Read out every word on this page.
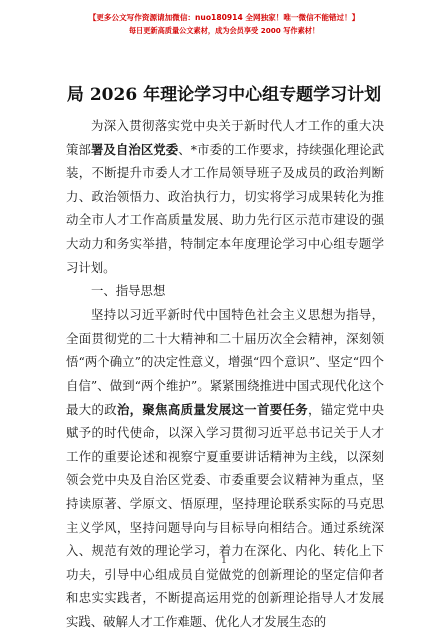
【更多公文写作资源请加微信：nuo180914 全网独家！唯一微信不能错过！】
每日更新高质量公文素材，成为会员享受 2000 写作素材！
局 2026 年理论学习中心组专题学习计划

为深入贯彻落实党中央关于新时代人才工作的重大决策部署及自治区党委、*市委的工作要求，持续强化理论武装，不断提升市委人才工作局领导班子及成员的政治判断力、政治领悟力、政治执行力，切实将学习成果转化为推动全市人才工作高质量发展、助力先行区示范市建设的强大动力和务实举措，特制定本年度理论学习中心组专题学习计划。

一、指导思想

坚持以习近平新时代中国特色社会主义思想为指导，全面贯彻党的二十大精神和二十届历次全会精神，深刻领悟“两个确立”的决定性意义，增强“四个意识”、坚定“四个自信”、做到“两个维护”。紧紧围绕推进中国式现代化这个最大的政治，聚焦高质量发展这一首要任务，锚定党中央赋予的时代使命，以深入学习贯彻习近平总书记关于人才工作的重要论述和视察宁夏重要讲话精神为主线，以深刻领会党中央及自治区党委、市委重要会议精神为重点，坚持读原著、学原文、悟原理，坚持理论联系实际的马克思主义学风，坚持问题导向与目标导向相结合。通过系统深入、规范有效的理论学习，着力在深化、内化、转化上下功夫，引导中心组成员自觉做党的创新理论的坚定信仰者和忠实实践者，不断提高运用党的创新理论指导人才发展实践、破解人才工作难题、优化人才发展生态的

1
